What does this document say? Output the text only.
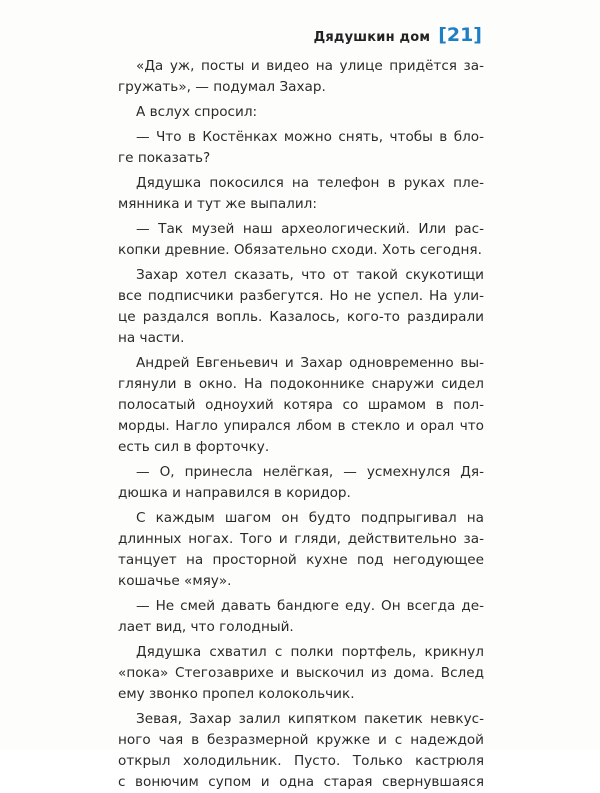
Дядушкин дом [21]
«Да уж, посты и видео на улице придётся за-
гружать», — подумал Захар.
А вслух спросил:
— Что в Костёнках можно снять, чтобы в бло-
ге показать?
Дядушка покосился на телефон в руках пле-
мянника и тут же выпалил:
— Так музей наш археологический. Или рас-
копки древние. Обязательно сходи. Хоть сегодня.
Захар хотел сказать, что от такой скукотищи
все подписчики разбегутся. Но не успел. На ули-
це раздался вопль. Казалось, кого-то раздирали
на части.
Андрей Евгеньевич и Захар одновременно вы-
глянули в окно. На подоконнике снаружи сидел
полосатый одноухий котяра со шрамом в пол-
морды. Нагло упирался лбом в стекло и орал что
есть сил в форточку.
— О, принесла нелёгкая, — усмехнулся Дя-
дюшка и направился в коридор.
С каждым шагом он будто подпрыгивал на
длинных ногах. Того и гляди, действительно за-
танцует на просторной кухне под негодующее
кошачье «мяу».
— Не смей давать бандюге еду. Он всегда де-
лает вид, что голодный.
Дядушка схватил с полки портфель, крикнул
«пока» Стегозаврихе и выскочил из дома. Вслед
ему звонко пропел колокольчик.
Зевая, Захар залил кипятком пакетик невкус-
ного чая в безразмерной кружке и с надеждой
открыл холодильник. Пусто. Только кастрюля
с вонючим супом и одна старая свернувшаяся
